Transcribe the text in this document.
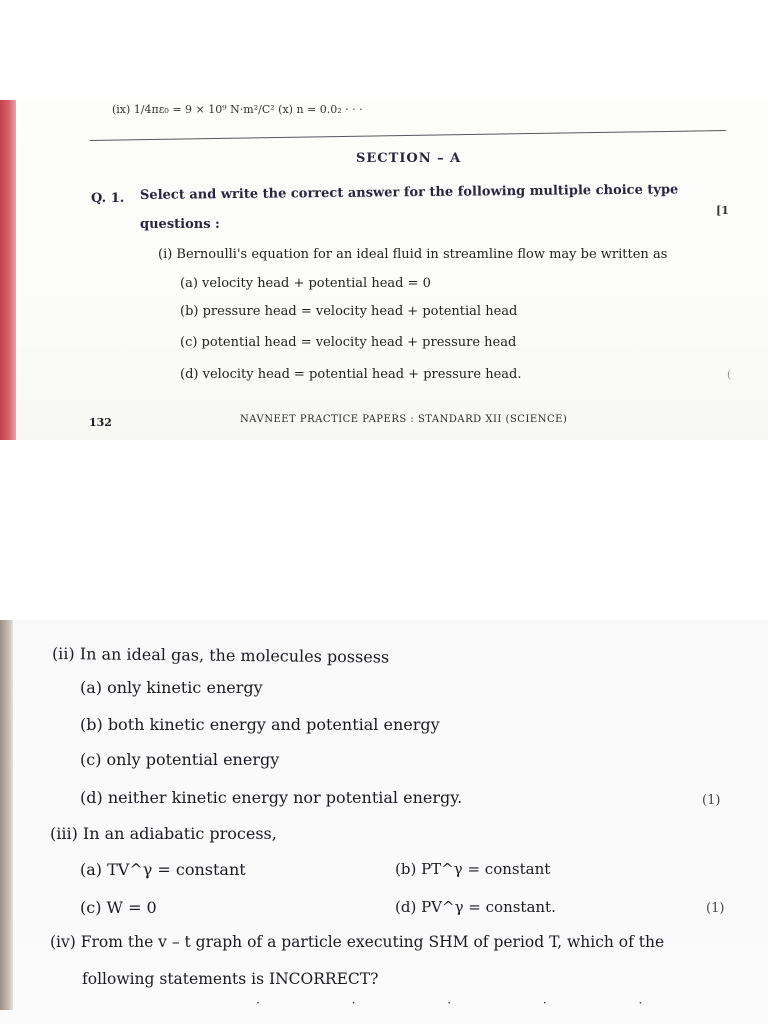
(ix) 1/4πε₀ = 9 × 10⁹ N·m²/C² (x) n = 0.0₂ · · ·
SECTION – A
Q. 1. Select and write the correct answer for the following multiple choice type
questions :
[1
(i) Bernoulli's equation for an ideal fluid in streamline flow may be written as
(a) velocity head + potential head = 0
(b) pressure head = velocity head + potential head
(c) potential head = velocity head + pressure head
(d) velocity head = potential head + pressure head.	(
132	NAVNEET PRACTICE PAPERS : STANDARD XII (SCIENCE)
(ii) In an ideal gas, the molecules possess
(a) only kinetic energy
(b) both kinetic energy and potential energy
(c) only potential energy
(d) neither kinetic energy nor potential energy.	(1)
(iii) In an adiabatic process,
(a) TV^γ = constant	(b) PT^γ = constant
(c) W = 0	(d) PV^γ = constant.	(1)
(iv) From the v – t graph of a particle executing SHM of period T, which of the
following statements is INCORRECT?
· · · · ·
